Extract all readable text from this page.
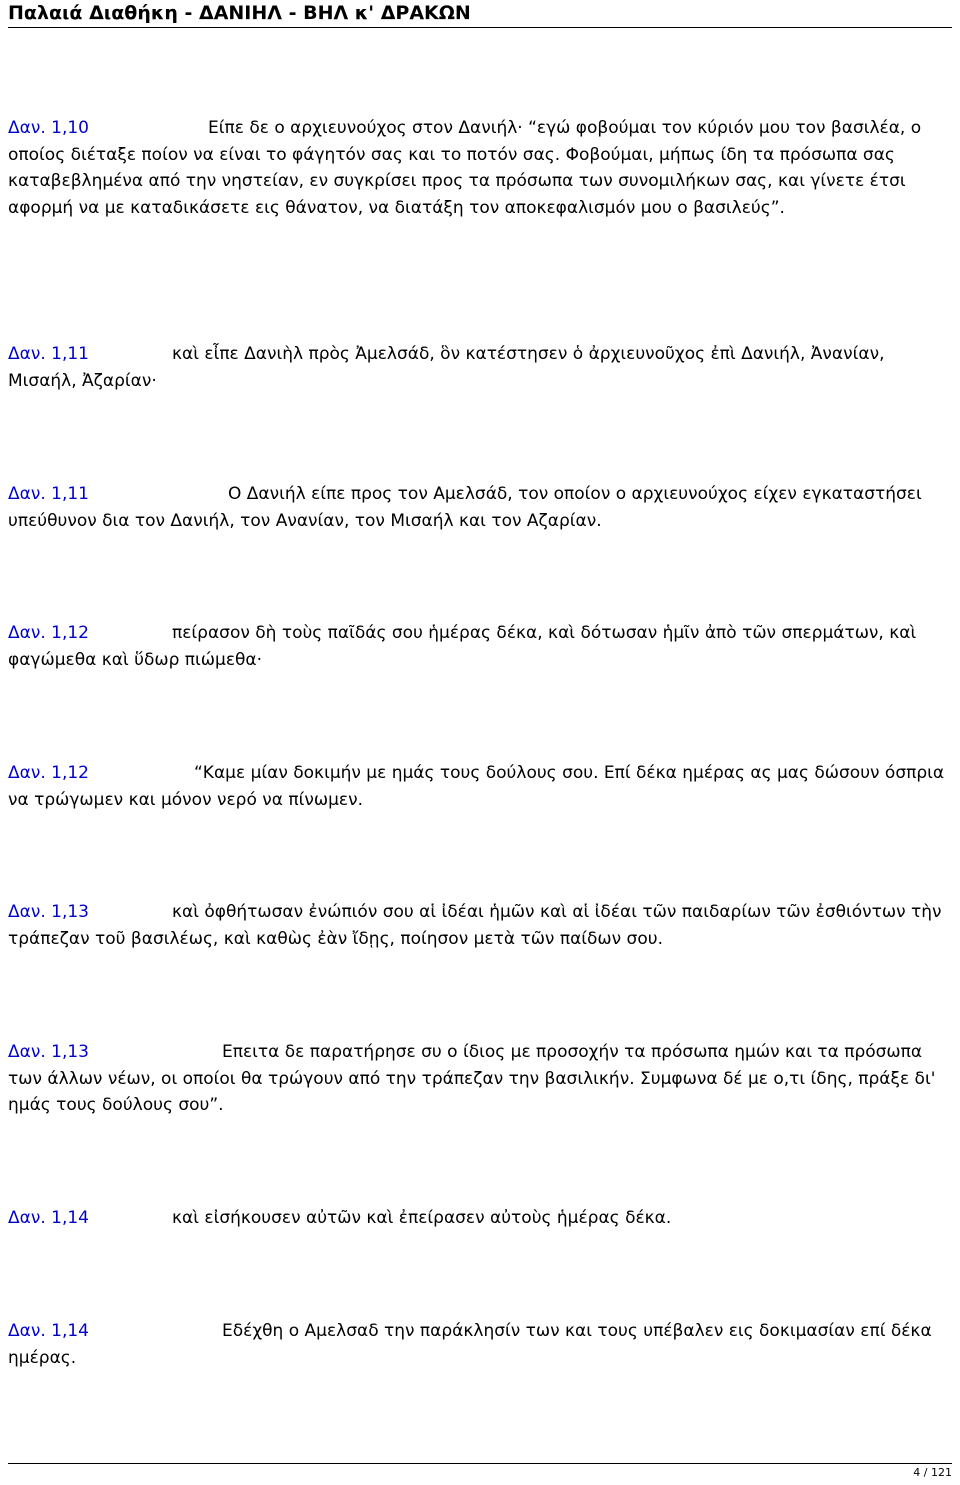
Παλαιά Διαθήκη - ΔΑΝΙΗΛ - ΒΗΛ κ' ΔΡΑΚΩΝ
Δαν. 1,10	Είπε δε ο αρχιευνούχος στον Δανιήλ· “εγώ φοβούμαι τον κύριόν μου τον βασιλέα, ο οποίος διέταξε ποίον να είναι το φάγητόν σας και το ποτόν σας. Φοβούμαι, μήπως ίδη τα πρόσωπα σας καταβεβλημένα από την νηστείαν, εν συγκρίσει προς τα πρόσωπα των συνομιλήκων σας, και γίνετε έτσι αφορμή να με καταδικάσετε εις θάνατον, να διατάξη τον αποκεφαλισμόν μου ο βασιλεύς”.
Δαν. 1,11	καὶ εἶπε Δανιὴλ πρὸς Ἀμελσάδ, ὃν κατέστησεν ὁ ἀρχιευνοῦχος ἐπὶ Δανιήλ, Ἀνανίαν, Μισαήλ, Ἀζαρίαν·
Δαν. 1,11	Ο Δανιήλ είπε προς τον Αμελσάδ, τον οποίον ο αρχιευνούχος είχεν εγκαταστήσει υπεύθυνον δια τον Δανιήλ, τον Ανανίαν, τον Μισαήλ και τον Αζαρίαν.
Δαν. 1,12	πείρασον δὴ τοὺς παῖδάς σου ἡμέρας δέκα, καὶ δότωσαν ἡμῖν ἀπὸ τῶν σπερμάτων, καὶ φαγώμεθα καὶ ὕδωρ πιώμεθα·
Δαν. 1,12	“Καμε μίαν δοκιμήν με ημάς τους δούλους σου. Επί δέκα ημέρας ας μας δώσουν όσπρια να τρώγωμεν και μόνον νερό να πίνωμεν.
Δαν. 1,13	καὶ ὀφθήτωσαν ἐνώπιόν σου αἱ ἰδέαι ἡμῶν καὶ αἱ ἰδέαι τῶν παιδαρίων τῶν ἐσθιόντων τὴν τράπεζαν τοῦ βασιλέως, καὶ καθὼς ἐὰν ἴδῃς, ποίησον μετὰ τῶν παίδων σου.
Δαν. 1,13	Επειτα δε παρατήρησε συ ο ίδιος με προσοχήν τα πρόσωπα ημών και τα πρόσωπα των άλλων νέων, οι οποίοι θα τρώγουν από την τράπεζαν την βασιλικήν. Συμφωνα δέ με ο,τι ίδης, πράξε δι' ημάς τους δούλους σου”.
Δαν. 1,14	καὶ εἰσήκουσεν αὐτῶν καὶ ἐπείρασεν αὐτοὺς ἡμέρας δέκα.
Δαν. 1,14	Εδέχθη ο Αμελσαδ την παράκλησίν των και τους υπέβαλεν εις δοκιμασίαν επί δέκα ημέρας.
4 / 121
